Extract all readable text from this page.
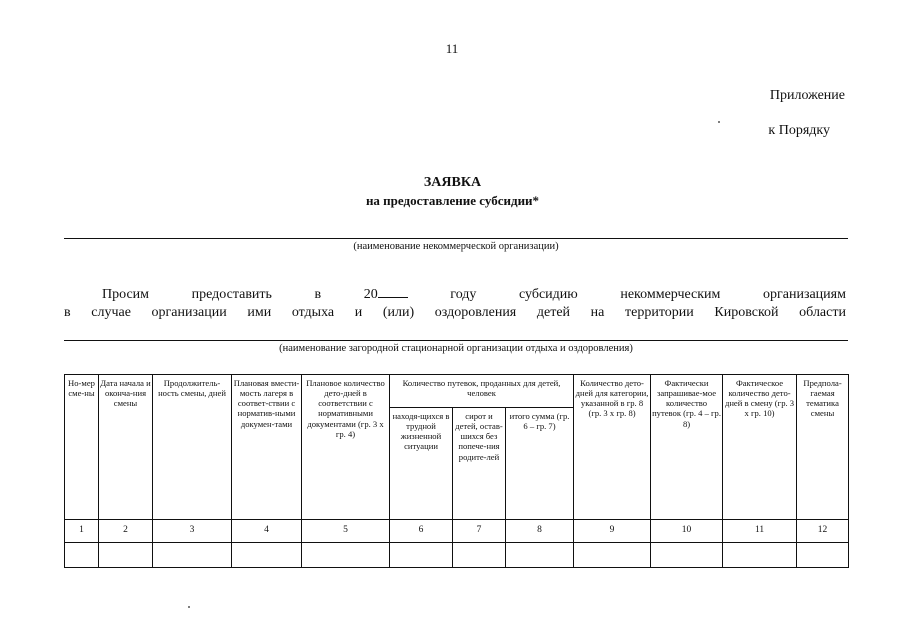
11
Приложение
к Порядку
ЗАЯВКА
на предоставление субсидии*
(наименование некоммерческой организации)
Просим	предоставить	в	20	году	субсидию	некоммерческим	организациям
в случае организации ими отдыха и (или) оздоровления детей на территории Кировской области
(наименование загородной стационарной организации отдыха и оздоровления)
Но-мер сме-ны	Дата начала и оконча-ния смены	Продолжитель-ность смены, дней	Плановая вмести-мость лагеря в соответ-ствии с норматив-ными докумен-тами	Плановое количество дето-дней в соответствии с нормативными документами (гр. 3 х гр. 4)	Количество путевок, проданных для детей, человек			Количество дето-дней для категории, указанной в гр. 8 (гр. 3 х гр. 8)	Фактически запрашивае-мое количество путевок (гр. 4 – гр. 8)	Фактическое количество дето-дней в смену (гр. 3 х гр. 10)	Предпола-гаемая тематика смены
					находя-щихся в трудной жизненной ситуации	сирот и детей, остав-шихся без попече-ния родите-лей	итого сумма (гр. 6 – гр. 7)				
1	2	3	4	5	6	7	8	9	10	11	12
